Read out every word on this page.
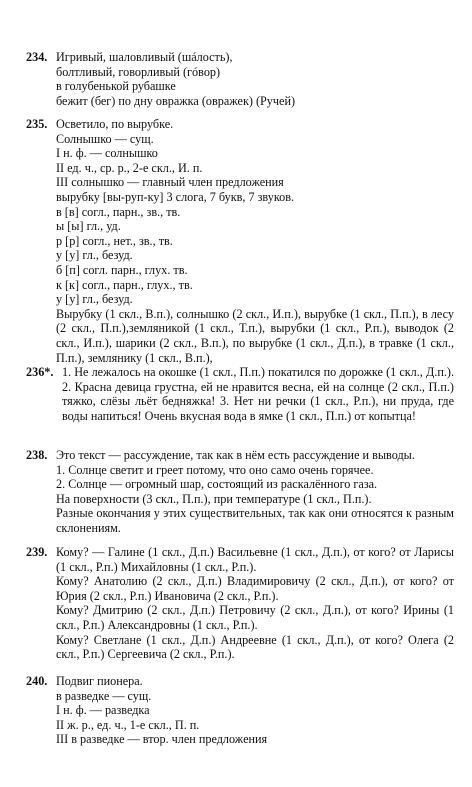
234. Игривый, шаловливый (шáлость),
болтливый, говорливый (гóвор)
в голубенькой рубашке
бежит (бег) по дну овражка (овражек) (Ручей)
235. Осветило, по вырубке.
Солнышко — сущ.
I н. ф. — солнышко
II ед. ч., ср. р., 2-е скл., И. п.
III солнышко — главный член предложения
вырубку [вы-руп-ку] 3 слога, 7 букв, 7 звуков.
в [в] согл., парн., зв., тв.
ы [ы] гл., уд.
р [р] согл., нет., зв., тв.
у [у] гл., безуд.
б [п] согл. парн., глух. тв.
к [к] согл., парн., глух., тв.
у [у] гл., безуд.
Вырубку (1 скл., В.п.), солнышко (2 скл., И.п.), вырубке (1 скл., П.п.), в лесу (2 скл., П.п.),земляникой (1 скл., Т.п.), вырубки (1 скл., Р.п.), выводок (2 скл., И.п.), шарики (2 скл., В.п.), по вырубке (1 скл., Д.п.), в травке (1 скл., П.п.), землянику (1 скл., В.п.),
236*. 1. Не лежалось на окошке (1 скл., П.п.) покатился по дорожке (1 скл., Д.п.). 2. Красна девица грустна, ей не нравится весна, ей на солнце (2 скл., П.п.) тяжко, слёзы льёт бедняжка! 3. Нет ни речки (1 скл., Р.п.), ни пруда, где воды напиться! Очень вкусная вода в ямке (1 скл., П.п.) от копытца!
238. Это текст — рассуждение, так как в нём есть рассуждение и выводы.
1. Солнце светит и греет потому, что оно само очень горячее.
2. Солнце — огромный шар, состоящий из раскалённого газа.
На поверхности (3 скл., П.п.), при температуре (1 скл., П.п.).
Разные окончания у этих существительных, так как они относятся к разным склонениям.
239. Кому? — Галине (1 скл., Д.п.) Васильевне (1 скл., Д.п.), от кого? от Ларисы (1 скл., Р.п.) Михайловны (1 скл., Р.п.).
Кому? Анатолию (2 скл., Д.п.) Владимировичу (2 скл., Д.п.), от кого? от Юрия (2 скл., Р.п.) Ивановича (2 скл., Р.п.).
Кому? Дмитрию (2 скл., Д.п.) Петровичу (2 скл., Д.п.), от кого? Ирины (1 скл., Р.п.) Александровны (1 скл., Р.п.).
Кому? Светлане (1 скл., Д.п.) Андреевне (1 скл., Д.п.), от кого? Олега (2 скл., Р.п.) Сергеевича (2 скл., Р.п.).
240. Подвиг пионера.
в разведке — сущ.
I н. ф. — разведка
II ж. р., ед. ч., 1-е скл., П. п.
III в разведке — втор. член предложения
